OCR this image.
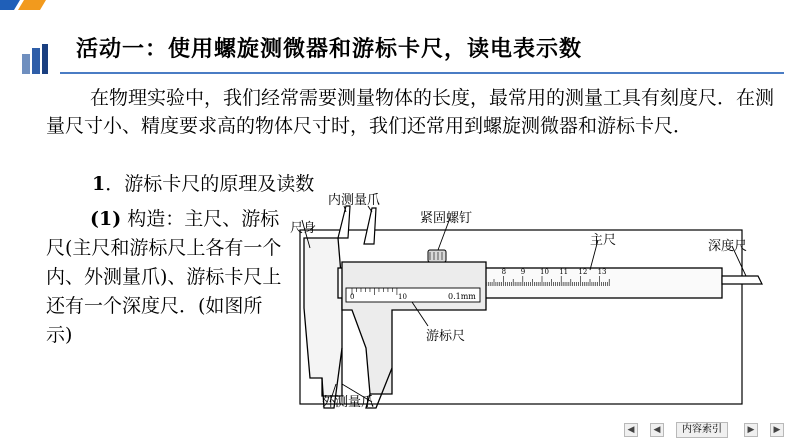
活动一：使用螺旋测微器和游标卡尺，读电表示数
在物理实验中，我们经常需要测量物体的长度，最常用的测量工具有刻度尺．在测量尺寸小、精度要求高的物体尺寸时，我们还常用到螺旋测微器和游标卡尺．
1．游标卡尺的原理及读数
(1) 构造：主尺、游标尺(主尺和游标尺上各有一个内、外测量爪)、游标卡尺上还有一个深度尺．(如图所示)
8 9 10 11 12 13
尺身
内测量爪
紧固螺钉
主尺	深度尺
游标尺
外测量爪
0.1mm
0	10
◀	◀	内容索引	▶	▶
